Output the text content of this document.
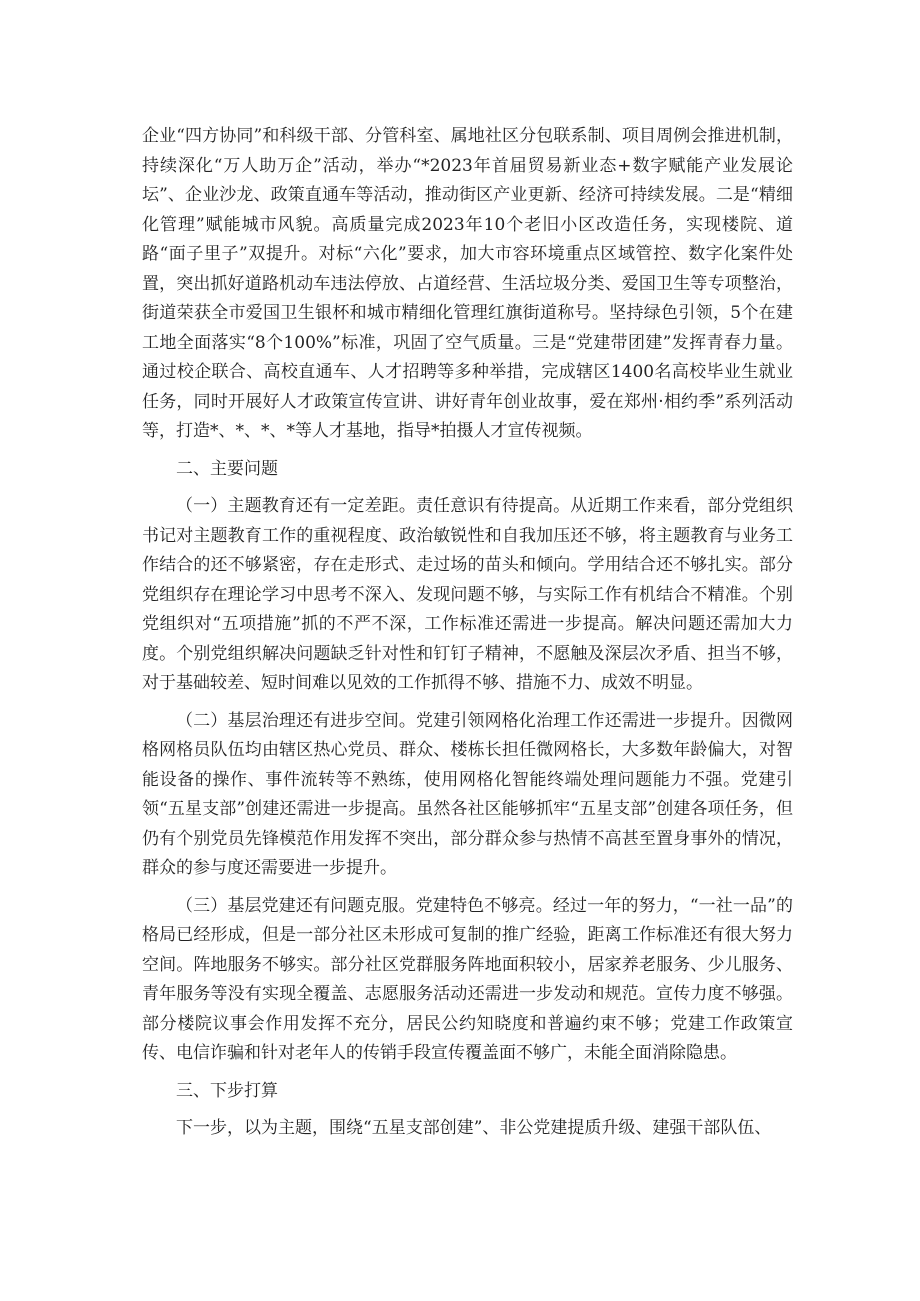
企业“四方协同”和科级干部、分管科室、属地社区分包联系制、项目周例会推进机制，持续深化“万人助万企”活动，举办“*2023年首届贸易新业态+数字赋能产业发展论坛”、企业沙龙、政策直通车等活动，推动街区产业更新、经济可持续发展。二是“精细化管理”赋能城市风貌。高质量完成2023年10个老旧小区改造任务，实现楼院、道路“面子里子”双提升。对标“六化”要求，加大市容环境重点区域管控、数字化案件处置，突出抓好道路机动车违法停放、占道经营、生活垃圾分类、爱国卫生等专项整治，街道荣获全市爱国卫生银杯和城市精细化管理红旗街道称号。坚持绿色引领，5个在建工地全面落实“8个100%”标准，巩固了空气质量。三是“党建带团建”发挥青春力量。通过校企联合、高校直通车、人才招聘等多种举措，完成辖区1400名高校毕业生就业任务，同时开展好人才政策宣传宣讲、讲好青年创业故事，爱在郑州·相约季”系列活动等，打造*、*、*、*等人才基地，指导*拍摄人才宣传视频。

二、主要问题

（一）主题教育还有一定差距。责任意识有待提高。从近期工作来看，部分党组织书记对主题教育工作的重视程度、政治敏锐性和自我加压还不够，将主题教育与业务工作结合的还不够紧密，存在走形式、走过场的苗头和倾向。学用结合还不够扎实。部分党组织存在理论学习中思考不深入、发现问题不够，与实际工作有机结合不精准。个别党组织对“五项措施”抓的不严不深，工作标准还需进一步提高。解决问题还需加大力度。个别党组织解决问题缺乏针对性和钉钉子精神，不愿触及深层次矛盾、担当不够，对于基础较差、短时间难以见效的工作抓得不够、措施不力、成效不明显。

（二）基层治理还有进步空间。党建引领网格化治理工作还需进一步提升。因微网格网格员队伍均由辖区热心党员、群众、楼栋长担任微网格长，大多数年龄偏大，对智能设备的操作、事件流转等不熟练，使用网格化智能终端处理问题能力不强。党建引领“五星支部”创建还需进一步提高。虽然各社区能够抓牢“五星支部”创建各项任务，但仍有个别党员先锋模范作用发挥不突出，部分群众参与热情不高甚至置身事外的情况，群众的参与度还需要进一步提升。

（三）基层党建还有问题克服。党建特色不够亮。经过一年的努力，“一社一品”的格局已经形成，但是一部分社区未形成可复制的推广经验，距离工作标准还有很大努力空间。阵地服务不够实。部分社区党群服务阵地面积较小，居家养老服务、少儿服务、青年服务等没有实现全覆盖、志愿服务活动还需进一步发动和规范。宣传力度不够强。部分楼院议事会作用发挥不充分，居民公约知晓度和普遍约束不够；党建工作政策宣传、电信诈骗和针对老年人的传销手段宣传覆盖面不够广，未能全面消除隐患。

三、下步打算

下一步，以为主题，围绕“五星支部创建”、非公党建提质升级、建强干部队伍、
